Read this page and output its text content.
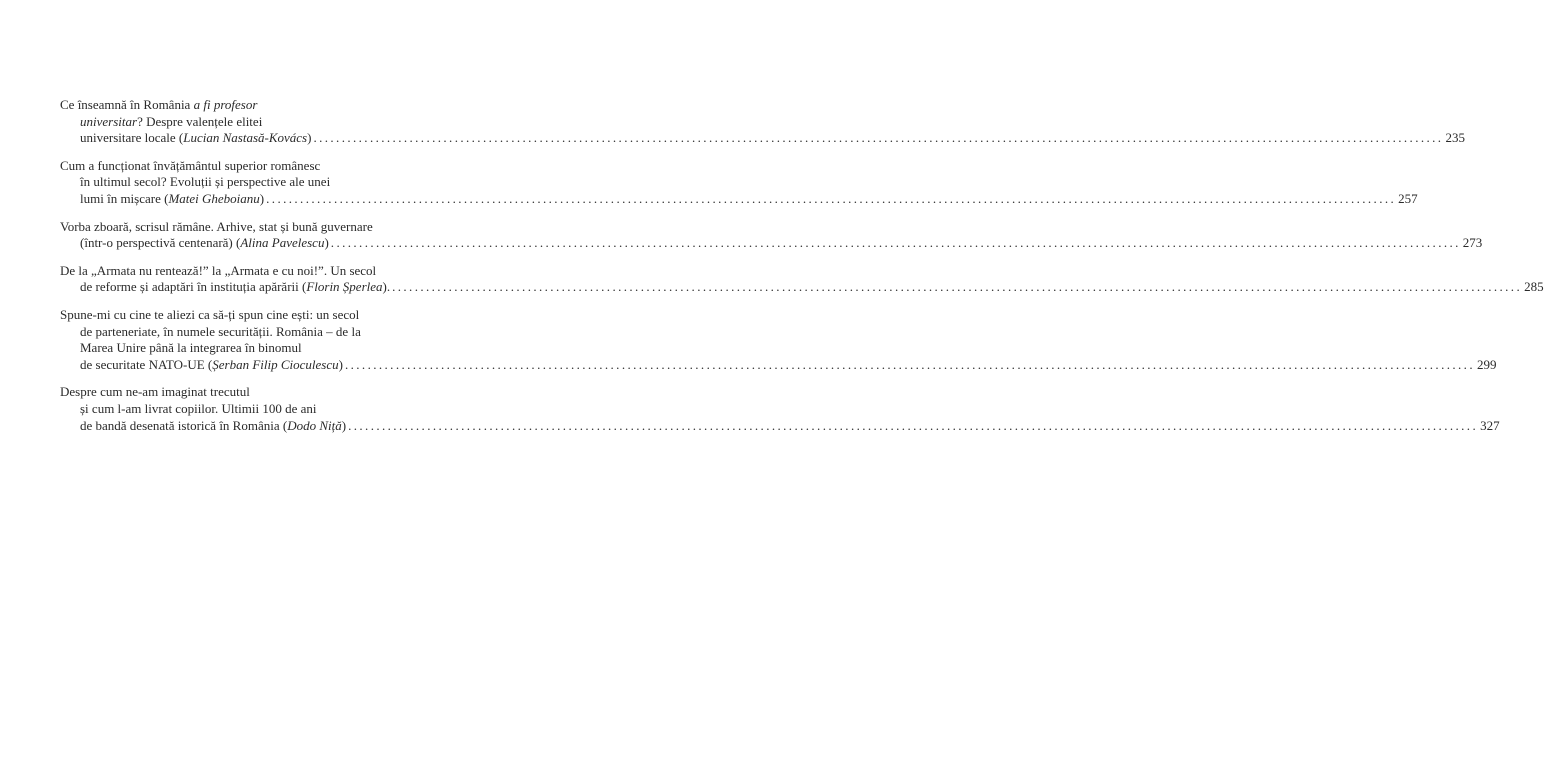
Ce înseamnă în România a fi profesor
universitar? Despre valențele elitei
universitare locale (Lucian Nastasă-Kovács) ........................................................................................................................................................................................................ 235
Cum a funcționat învățământul superior românesc
în ultimul secol? Evoluții și perspective ale unei
lumi în mișcare (Matei Gheboianu) ........................................................................................................................................................................................................ 257
Vorba zboară, scrisul rămâne. Arhive, stat și bună guvernare
(într-o perspectivă centenară) (Alina Pavelescu) ........................................................................................................................................................................................................ 273
De la „Armata nu rentează!” la „Armata e cu noi!”. Un secol
de reforme și adaptări în instituția apărării (Florin Șperlea). ........................................................................................................................................................................................................ 285
Spune-mi cu cine te aliezi ca să-ți spun cine ești: un secol
de parteneriate, în numele securității. România – de la
Marea Unire până la integrarea în binomul
de securitate NATO-UE (Șerban Filip Cioculescu) ........................................................................................................................................................................................................ 299
Despre cum ne-am imaginat trecutul
și cum l-am livrat copiilor. Ultimii 100 de ani
de bandă desenată istorică în România (Dodo Niță) ........................................................................................................................................................................................................ 327
